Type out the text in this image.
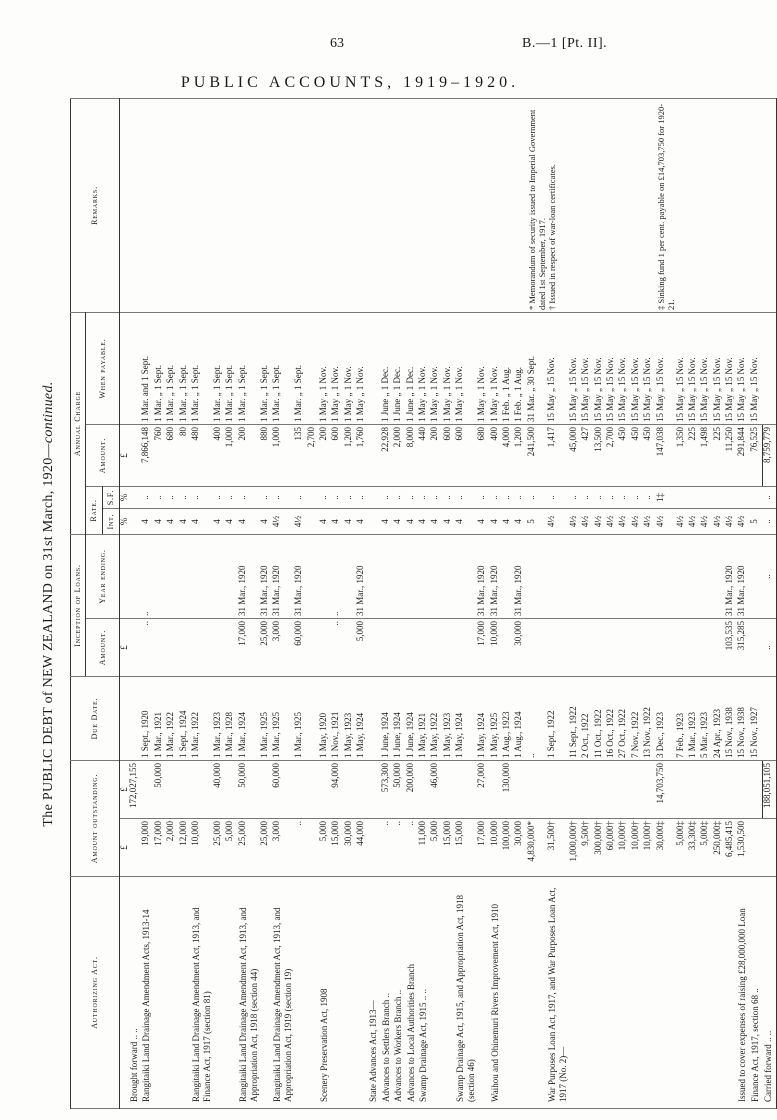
63	B.—1 [Pt. II].
PUBLIC ACCOUNTS, 1919–1920.
The PUBLIC DEBT of NEW ZEALAND on 31st March, 1920—continued.
Authorizing Act.	Amount outstanding.		Due Date.	Inception of Loans.		Annual Charge				Remarks.
				Amount.	Year ending.	Rate.		Amount.	When payable.	
						Int.	S.F.			
	£	£		£		%	%	£		
Brought forward .. ..		172,027,155								
Rangitaiki Land Drainage Amendment Acts, 1913-14	19,000		1 Sept., 1920	..	..	4	..	7,866,148	1 Mar. and 1 Sept.	
	17,000	50,000	1 Mar., 1921			4	..	760	1 Mar. „ 1 Sept.	
	2,000		1 Mar., 1922			4	..	680	1 Mar. „ 1 Sept.	
	12,000		1 Sept., 1924			4	..	80	1 Mar. „ 1 Sept.	
Rangitaiki Land Drainage Amendment Act, 1913, and Finance Act, 1917 (section 81)	10,000		1 Mar., 1922			4	..	480	1 Mar. „ 1 Sept.	
	25,000	40,000	1 Mar., 1923			4	..	400	1 Mar. „ 1 Sept.	
	5,000		1 Mar., 1928			4	..	1,000	1 Mar. „ 1 Sept.	
Rangitaiki Land Drainage Amendment Act, 1913, and Appropriation Act, 1918 (section 44)	25,000	50,000	1 Mar., 1924	17,000	31 Mar., 1920	4	..	200	1 Mar. „ 1 Sept.	
	25,000		1 Mar., 1925	25,000	31 Mar., 1920	4	..	880	1 Mar. „ 1 Sept.	
Rangitaiki Land Drainage Amendment Act, 1913, and Appropriation Act, 1919 (section 19)	3,000	60,000	1 Mar., 1925	3,000	31 Mar., 1920	4½	..	1,000	1 Mar. „ 1 Sept.	
	..		1 Mar., 1925	60,000	31 Mar., 1920	4½	..	135	1 Mar. „ 1 Sept.	
								2,700		
Scenery Preservation Act, 1908	5,000		1 May, 1920			4	..	200	1 May „ 1 Nov.	
	15,000	94,000	1 Nov., 1921	..	..	4	..	600	1 May „ 1 Nov.	
	30,000		1 May, 1923			4	..	1,200	1 May „ 1 Nov.	
	44,000		1 May, 1924	5,000	31 Mar., 1920	4	..	1,760	1 May „ 1 Nov.	
State Advances Act, 1913—										
Advances to Settlers Branch ..	..	573,300	1 June, 1924			4	..	22,928	1 June „ 1 Dec.	
Advances to Workers Branch ..	..	50,000	1 June, 1924			4	..	2,000	1 June „ 1 Dec.	
Advances to Local Authorities Branch	..	200,000	1 June, 1924			4	..	8,000	1 June „ 1 Dec.	
Swamp Drainage Act, 1915 .. ..	11,000		1 May, 1921			4	..	440	1 May „ 1 Nov.	
	5,000	46,000	1 May, 1922			4	..	200	1 May „ 1 Nov.	
	15,000		1 May, 1923			4	..	600	1 May „ 1 Nov.	
Swamp Drainage Act, 1915, and Appropriation Act, 1918 (section 46)	15,000		1 May, 1924			4	..	600	1 May „ 1 Nov.	
	17,000	27,000	1 May, 1924	17,000	31 Mar., 1920	4	..	680	1 May „ 1 Nov.	
Waihou and Ohinemuri Rivers Improvement Act, 1910	10,000		1 May, 1925	10,000	31 Mar., 1920	4	..	400	1 May „ 1 Nov.	
	100,000	130,000	1 Aug., 1923			4	..	4,000	1 Feb. „ 1 Aug.	
	30,000		1 Aug., 1924	30,000	31 Mar., 1920	4	..	1,200	1 Feb. „ 1 Aug.	
	4,830,000*		..			5	..	241,500	31 Mar. „ 30 Sept.	* Memorandum of security issued to Imperial Government dated 1st September, 1917.
War Purposes Loan Act, 1917, and War Purposes Loan Act, 1917 (No. 2)—	31,500†		1 Sept., 1922			4½	..	1,417	15 May „ 15 Nov.	† Issued in respect of war-loan certificates.
	1,000,000†		11 Sept., 1922			4½	..	45,000	15 May „ 15 Nov.	
	9,500†		2 Oct., 1922			4½	..	427	15 May „ 15 Nov.	
	300,000†		11 Oct., 1922			4½	..	13,500	15 May „ 15 Nov.	
	60,000†		16 Oct., 1922			4½	..	2,700	15 May „ 15 Nov.	
	10,000†		27 Oct., 1922			4½	..	450	15 May „ 15 Nov.	
	10,000†		7 Nov., 1922			4½	..	450	15 May „ 15 Nov.	
	10,000†		13 Nov., 1922			4½	..	450	15 May „ 15 Nov.	
	30,000‡	14,703,750	3 Dec., 1923			4½	1‡	147,038	15 May „ 15 Nov.	‡ Sinking fund 1 per cent. payable on £14,703,750 for 1920-21.
	5,000‡		7 Feb., 1923			4½		1,350	15 May „ 15 Nov.	
	33,300‡		1 Mar., 1923			4½		225	15 May „ 15 Nov.	
	5,000‡		5 Mar., 1923			4½		1,498	15 May „ 15 Nov.	
	250,000‡		24 Apr., 1923			4½		225	15 May „ 15 Nov.	
	6,485,415		15 Nov., 1938	103,535	31 Mar., 1920	4½		11,250	15 May „ 15 Nov.	
Issued to cover expenses of raising £28,000,000 Loan	1,530,500		15 Nov., 1938	315,285	31 Mar., 1920	4½		291,844	15 May „ 15 Nov.	
Finance Act, 1917, section 68 ..			15 Nov., 1927			5		76,525	15 May „ 15 Nov.	
Carried forward .. ..		188,051,105		..	..	..	..	8,759,779		
